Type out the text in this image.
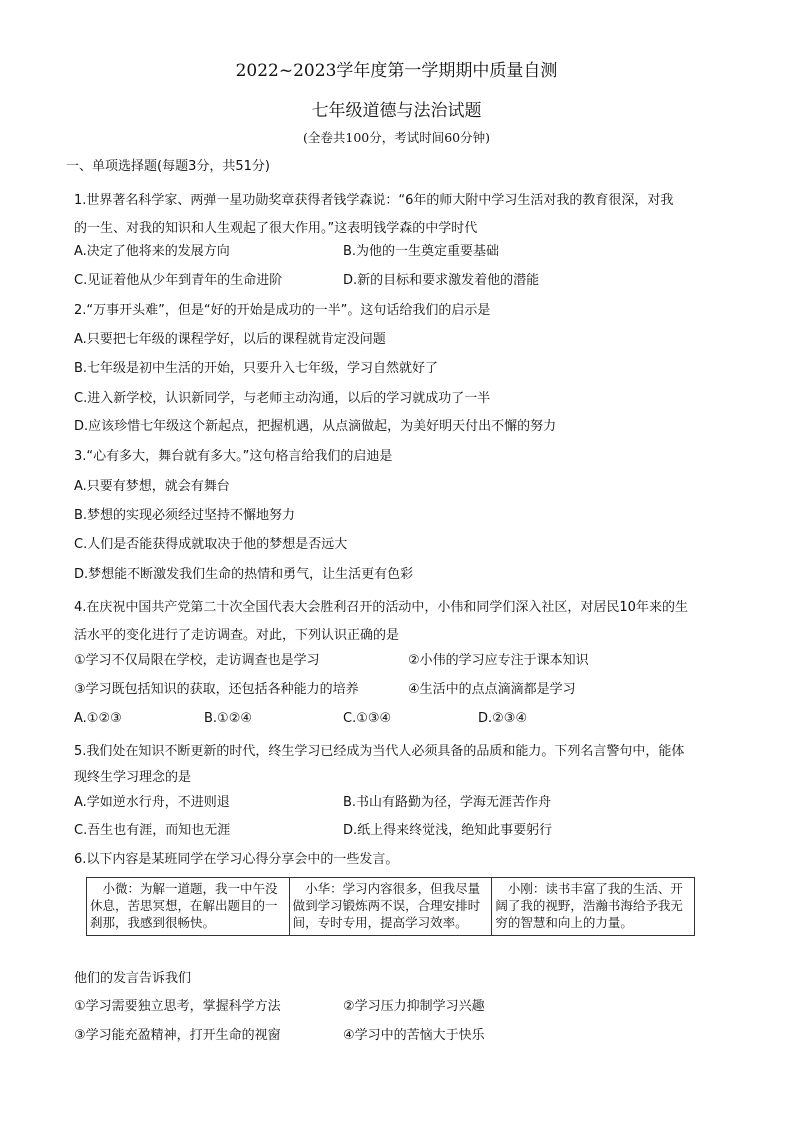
2022~2023学年度第一学期期中质量自测
七年级道德与法治试题
(全卷共100分，考试时间60分钟)
一、单项选择题(每题3分，共51分)
1.世界著名科学家、两弹一星功勋奖章获得者钱学森说：“6年的师大附中学习生活对我的教育很深，对我
的一生、对我的知识和人生观起了很大作用。”这表明钱学森的中学时代
A.决定了他将来的发展方向	B.为他的一生奠定重要基础
C.见证着他从少年到青年的生命进阶	D.新的目标和要求激发着他的潜能
2.“万事开头难”，但是“好的开始是成功的一半”。这句话给我们的启示是
A.只要把七年级的课程学好，以后的课程就肯定没问题
B.七年级是初中生活的开始，只要升入七年级，学习自然就好了
C.进入新学校，认识新同学，与老师主动沟通，以后的学习就成功了一半
D.应该珍惜七年级这个新起点，把握机遇，从点滴做起，为美好明天付出不懈的努力
3.“心有多大，舞台就有多大。”这句格言给我们的启迪是
A.只要有梦想，就会有舞台
B.梦想的实现必须经过坚持不懈地努力
C.人们是否能获得成就取决于他的梦想是否远大
D.梦想能不断激发我们生命的热情和勇气，让生活更有色彩
4.在庆祝中国共产党第二十次全国代表大会胜利召开的活动中，小伟和同学们深入社区，对居民10年来的生
活水平的变化进行了走访调查。对此，下列认识正确的是
①学习不仅局限在学校，走访调查也是学习	②小伟的学习应专注于课本知识
③学习既包括知识的获取，还包括各种能力的培养	④生活中的点点滴滴都是学习
A.①②③	B.①②④	C.①③④	D.②③④
5.我们处在知识不断更新的时代，终生学习已经成为当代人必须具备的品质和能力。下列名言警句中，能体
现终生学习理念的是
A.学如逆水行舟，不进则退	B.书山有路勤为径，学海无涯苦作舟
C.吾生也有涯，而知也无涯	D.纸上得来终觉浅，绝知此事要躬行
6.以下内容是某班同学在学习心得分享会中的一些发言。
　小微：为解一道题，我一中午没休息，苦思冥想，在解出题目的一刹那，我感到很畅快。	　小华：学习内容很多，但我尽量做到学习锻炼两不误，合理安排时间，专时专用，提高学习效率。	　小刚：读书丰富了我的生活、开阔了我的视野，浩瀚书海给予我无穷的智慧和向上的力量。
他们的发言告诉我们
①学习需要独立思考，掌握科学方法	②学习压力抑制学习兴趣
③学习能充盈精神，打开生命的视窗	④学习中的苦恼大于快乐
